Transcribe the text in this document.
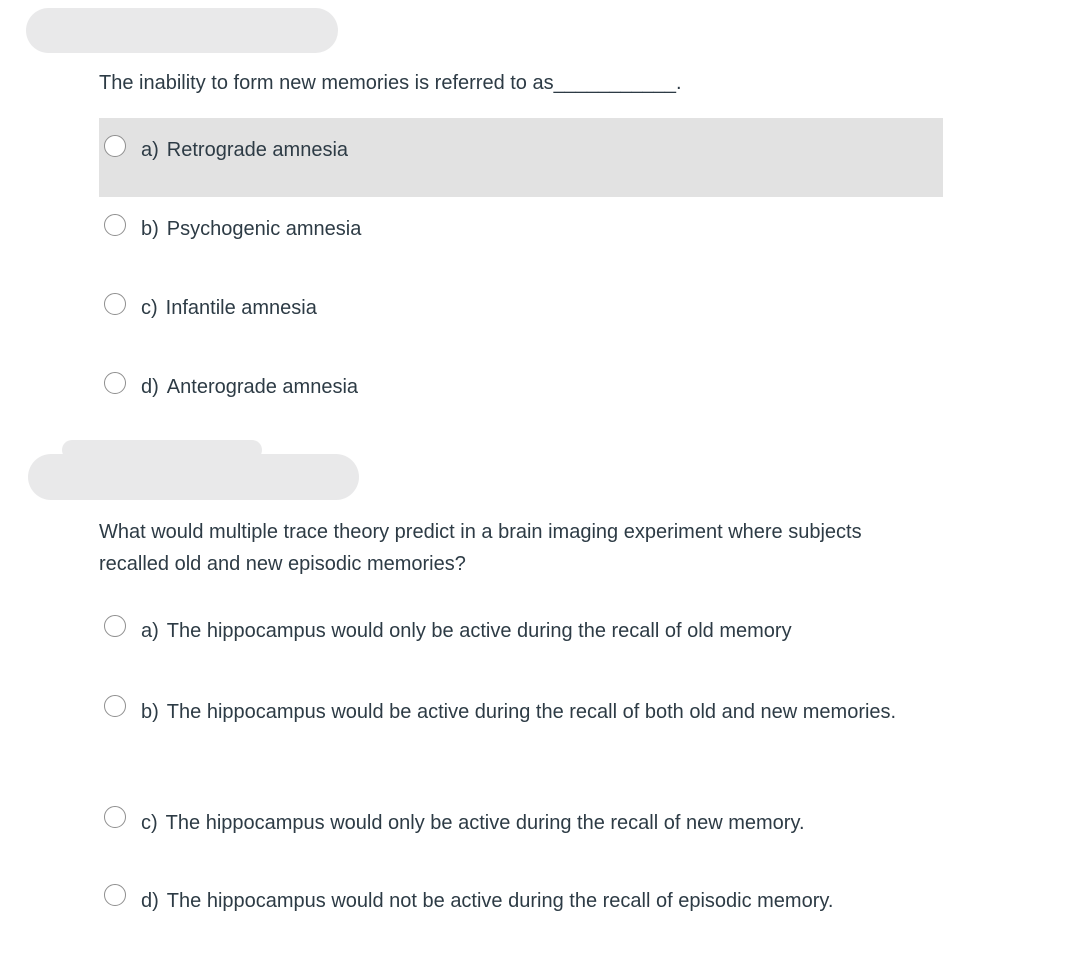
The inability to form new memories is referred to as___________.
a) Retrograde amnesia
b) Psychogenic amnesia
c) Infantile amnesia
d) Anterograde amnesia
What would multiple trace theory predict in a brain imaging experiment where subjects recalled old and new episodic memories?
a) The hippocampus would only be active during the recall of old memory
b) The hippocampus would be active during the recall of both old and new memories.
c) The hippocampus would only be active during the recall of new memory.
d) The hippocampus would not be active during the recall of episodic memory.
